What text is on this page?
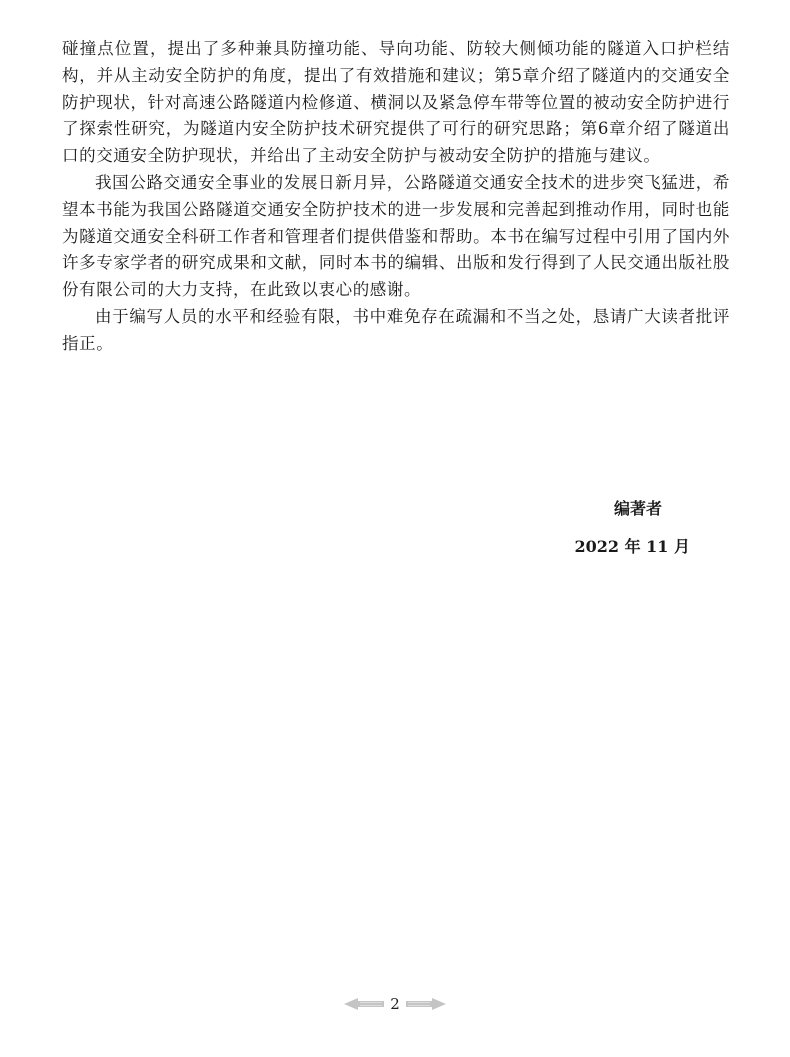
碰撞点位置，提出了多种兼具防撞功能、导向功能、防较大侧倾功能的隧道入口护栏结构，并从主动安全防护的角度，提出了有效措施和建议；第5章介绍了隧道内的交通安全防护现状，针对高速公路隧道内检修道、横洞以及紧急停车带等位置的被动安全防护进行了探索性研究，为隧道内安全防护技术研究提供了可行的研究思路；第6章介绍了隧道出口的交通安全防护现状，并给出了主动安全防护与被动安全防护的措施与建议。

我国公路交通安全事业的发展日新月异，公路隧道交通安全技术的进步突飞猛进，希望本书能为我国公路隧道交通安全防护技术的进一步发展和完善起到推动作用，同时也能为隧道交通安全科研工作者和管理者们提供借鉴和帮助。本书在编写过程中引用了国内外许多专家学者的研究成果和文献，同时本书的编辑、出版和发行得到了人民交通出版社股份有限公司的大力支持，在此致以衷心的感谢。

由于编写人员的水平和经验有限，书中难免存在疏漏和不当之处，恳请广大读者批评指正。

编著者
2022 年 11 月
2
